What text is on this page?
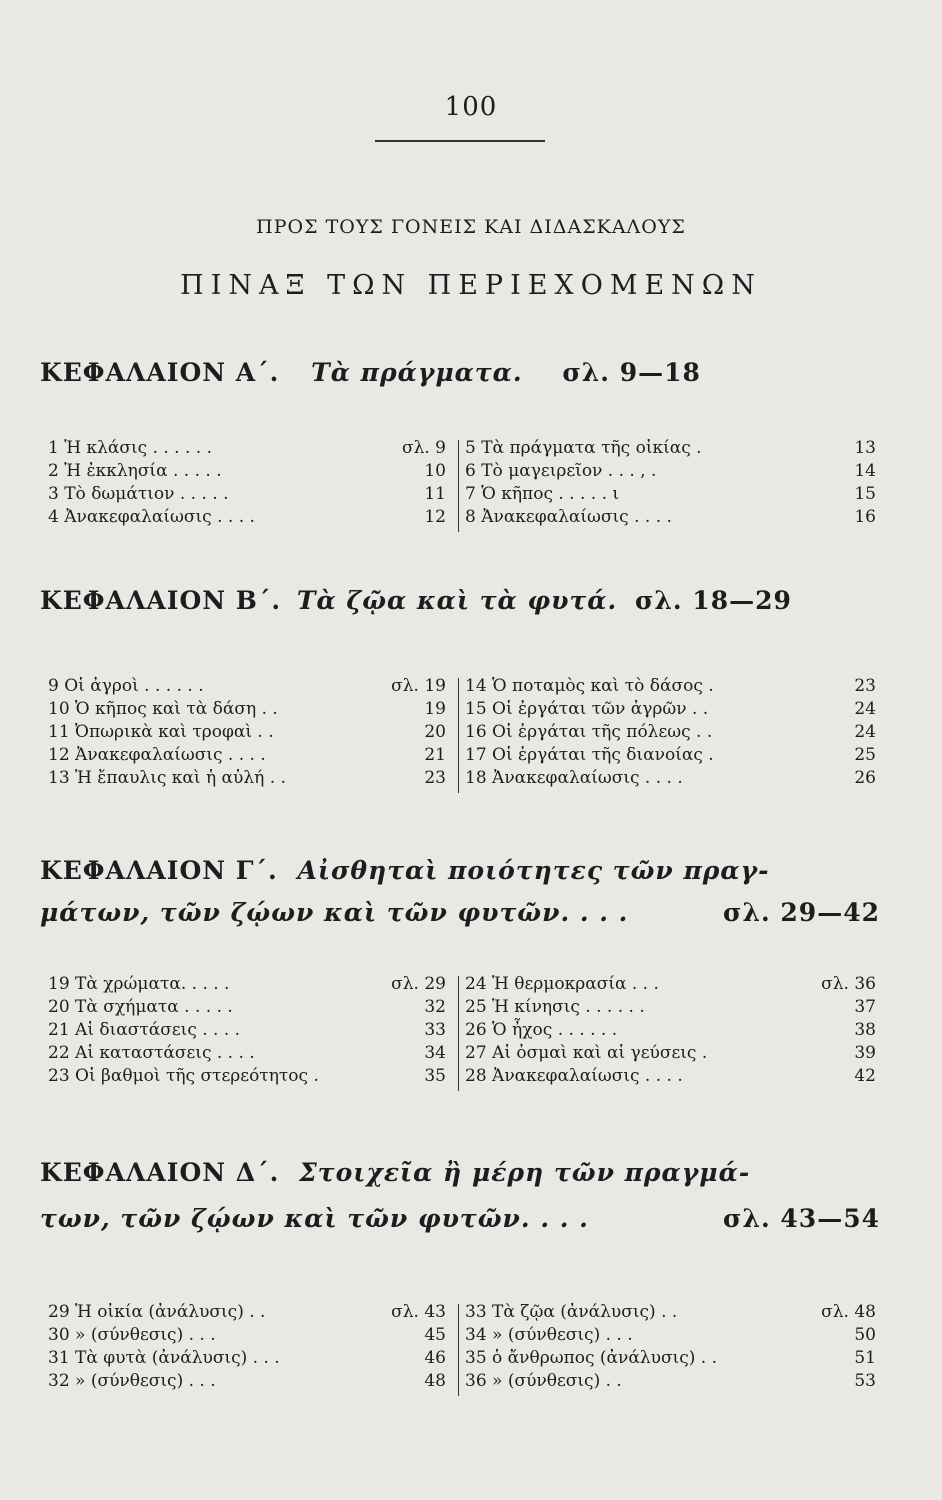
100
ΠΡΟΣ ΤΟΥΣ ΓΟΝΕΙΣ ΚΑΙ ΔΙΔΑΣΚΑΛΟΥΣ
ΠΙΝΑΞ ΤΩΝ ΠΕΡΙΕΧΟΜΕΝΩΝ
ΚΕΦΑΛΑΙΟΝ Α΄. Τὰ πράγματα. σλ. 9—18
1 Ἡ κλάσις . . . . . .	σλ. 9 5 Τὰ πράγματα τῆς οἰκίας .	13
2 Ἡ ἐκκλησία . . . . .	10 6 Τὸ μαγειρεῖον . . . , .	14
3 Τὸ δωμάτιον . . . . .	11 7 Ὁ κῆπος . . . . . ι	15
4 Ἀνακεφαλαίωσις . . . .	12 8 Ἀνακεφαλαίωσις . . . .	16
ΚΕΦΑΛΑΙΟΝ Β΄. Τὰ ζῷα καὶ τὰ φυτά. σλ. 18—29
9 Οἱ ἀγροὶ . . . . . .	σλ. 19 14 Ὁ ποταμὸς καὶ τὸ δάσος .	23
10 Ὁ κῆπος καὶ τὰ δάση . .	19 15 Οἱ ἐργάται τῶν ἀγρῶν . .	24
11 Ὀπωρικὰ καὶ τροφαὶ . .	20 16 Οἱ ἐργάται τῆς πόλεως . .	24
12 Ἀνακεφαλαίωσις . . . .	21 17 Οἱ ἐργάται τῆς διανοίας .	25
13 Ἡ ἔπαυλις καὶ ἡ αὐλή . .	23 18 Ἀνακεφαλαίωσις . . . .	26
ΚΕΦΑΛΑΙΟΝ Γ΄. Αἰσθηταὶ ποιότητες τῶν πραγ-
μάτων, τῶν ζῴων καὶ τῶν φυτῶν. . . .	σλ. 29—42
19 Τὰ χρώματα. . . . .	σλ. 29 24 Ἡ θερμοκρασία . . .	σλ. 36
20 Τὰ σχήματα . . . . .	32 25 Ἡ κίνησις . . . . . .	37
21 Αἱ διαστάσεις . . . .	33 26 Ὁ ἦχος . . . . . .	38
22 Αἱ καταστάσεις . . . .	34 27 Αἱ ὀσμαὶ καὶ αἱ γεύσεις .	39
23 Οἱ βαθμοὶ τῆς στερεότητος .	35 28 Ἀνακεφαλαίωσις . . . .	42
ΚΕΦΑΛΑΙΟΝ Δ΄. Στοιχεῖα ἢ μέρη τῶν πραγμά-
των, τῶν ζῴων καὶ τῶν φυτῶν. . . .	σλ. 43—54
29 Ἡ οἰκία (ἀνάλυσις) . .	σλ. 43 33 Τὰ ζῷα (ἀνάλυσις) . .	σλ. 48
30 » (σύνθεσις) . . .	45 34 » (σύνθεσις) . . .	50
31 Τὰ φυτὰ (ἀνάλυσις) . . .	46 35 ὁ ἄνθρωπος (ἀνάλυσις) . .	51
32 » (σύνθεσις) . . .	48 36 » (σύνθεσις) . .	53
